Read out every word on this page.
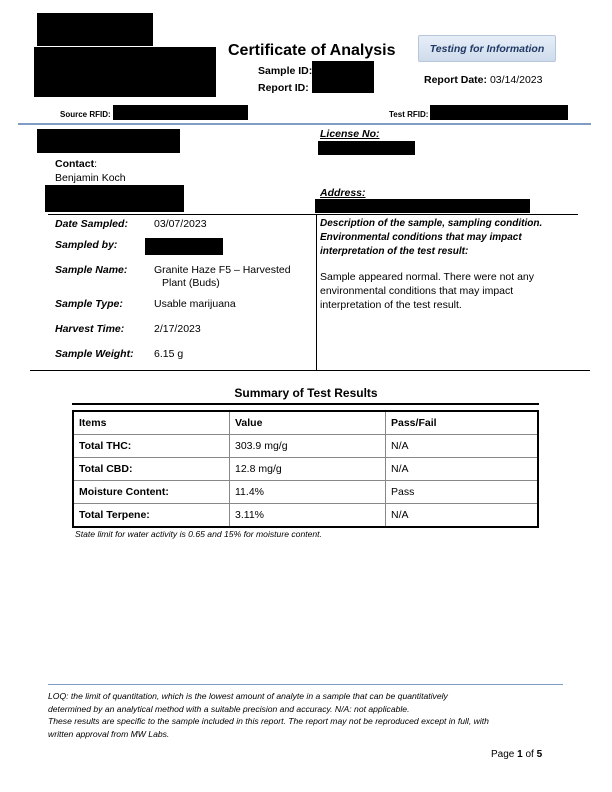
Certificate of Analysis
Sample ID:
Report ID:
Testing for Information
Report Date: 03/14/2023
Source RFID:	Test RFID:
Contact:
Benjamin Koch
License No:
Address:
Date Sampled: 03/07/2023
Sampled by:
Sample Name:	Granite Haze F5 – Harvested
Plant (Buds)
Sample Type:	Usable marijuana
Harvest Time:	2/17/2023
Sample Weight: 6.15 g
Description of the sample, sampling condition.
Environmental conditions that may impact
interpretation of the test result:
Sample appeared normal. There were not any environmental conditions that may impact interpretation of the test result.
Summary of Test Results
Items	Value	Pass/Fail
Total THC:	303.9 mg/g	N/A
Total CBD:	12.8 mg/g	N/A
Moisture Content:	11.4%	Pass
Total Terpene:	3.11%	N/A
State limit for water activity is 0.65 and 15% for moisture content.
LOQ: the limit of quantitation, which is the lowest amount of analyte in a sample that can be quantitatively
determined by an analytical method with a suitable precision and accuracy. N/A: not applicable.
These results are specific to the sample included in this report. The report may not be reproduced except in full, with
written approval from MW Labs.
Page 1 of 5
